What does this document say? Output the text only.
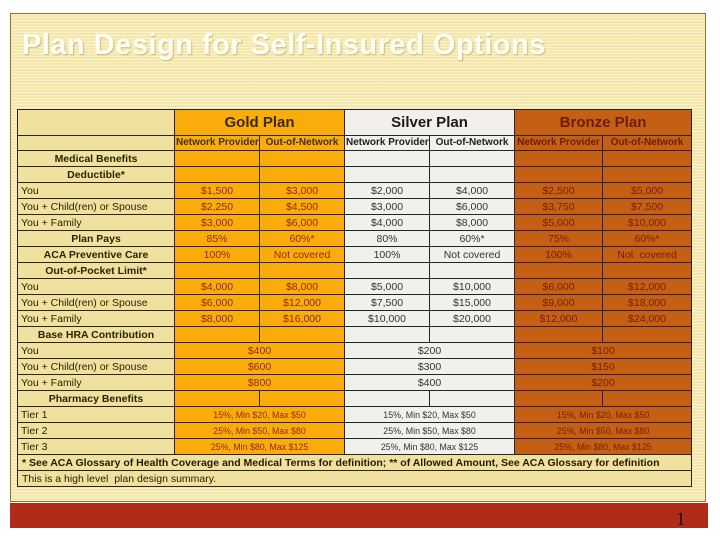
Plan Design for Self-Insured Options
	Gold Plan		Silver Plan		Bronze Plan	
	Network Provider	Out-of-Network	Network Provider	Out-of-Network	Network Provider	Out-of-Network
Medical Benefits						
Deductible*						
You	$1,500	$3,000	$2,000	$4,000	$2,500	$5,000
You + Child(ren) or Spouse	$2,250	$4,500	$3,000	$6,000	$3,750	$7,500
You + Family	$3,000	$6,000	$4,000	$8,000	$5,000	$10,000
Plan Pays	85%	60%*	80%	60%*	75%	60%*
ACA Preventive Care	100%	Not covered	100%	Not covered	100%	Not  covered
Out-of-Pocket Limit*						
You	$4,000	$8,000	$5,000	$10,000	$6,000	$12,000
You + Child(ren) or Spouse	$6,000	$12,000	$7,500	$15,000	$9,000	$18,000
You + Family	$8,000	$16,000	$10,000	$20,000	$12,000	$24,000
Base HRA Contribution						
You	$400		$200		$100	
You + Child(ren) or Spouse	$600		$300		$150	
You + Family	$800		$400		$200	
Pharmacy Benefits						
Tier 1	15%, Min $20, Max $50		15%, Min $20, Max $50		15%, Min $20, Max $50	
Tier 2	25%, Min $50, Max $80		25%, Min $50, Max $80		25%, Min $50, Max $80	
Tier 3	25%, Min $80, Max $125		25%, Min $80, Max $125		25%, Min $80, Max $125	
* See ACA Glossary of Health Coverage and Medical Terms for definition; ** of Allowed Amount, See ACA Glossary for definition						
This is a high level  plan design summary.						
1
